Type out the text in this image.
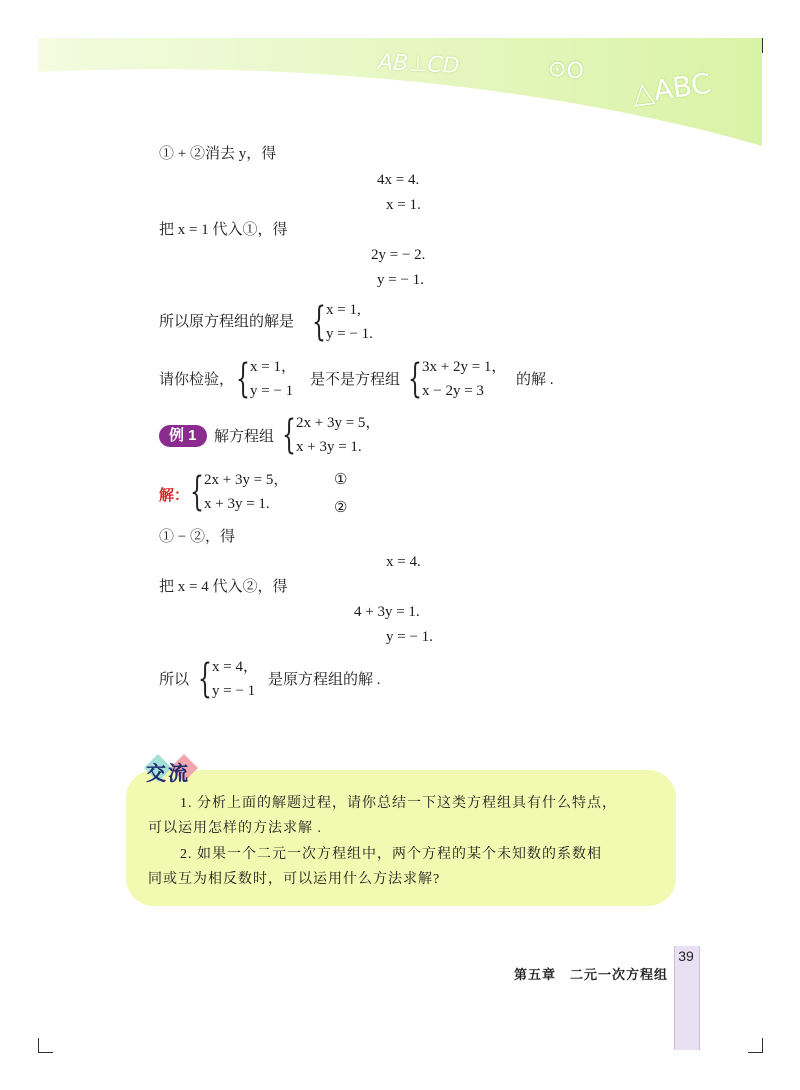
AB⊥CD	⊙O △ABC
① + ②消去 y，得
4x = 4.
x = 1.
把 x = 1 代入①，得
2y = − 2.
y = − 1.
所以原方程组的解是 { x = 1,
y = − 1.
请你检验， { x = 1，
y = − 1
是不是方程组 { 3x + 2y = 1，
x − 2y = 3
的解 .
例 1	解方程组 { 2x + 3y = 5，
x + 3y = 1.
解： { 2x + 3y = 5，
x + 3y = 1.
①
②
① − ②，得
x = 4.
把 x = 4 代入②，得
4 + 3y = 1.
y = − 1.
所以 { x = 4，
y = − 1
是原方程组的解 .
交流
1. 分析上面的解题过程，请你总结一下这类方程组具有什么特点，
可以运用怎样的方法求解 .
2. 如果一个二元一次方程组中，两个方程的某个未知数的系数相
同或互为相反数时，可以运用什么方法求解?
第五章　二元一次方程组
39
